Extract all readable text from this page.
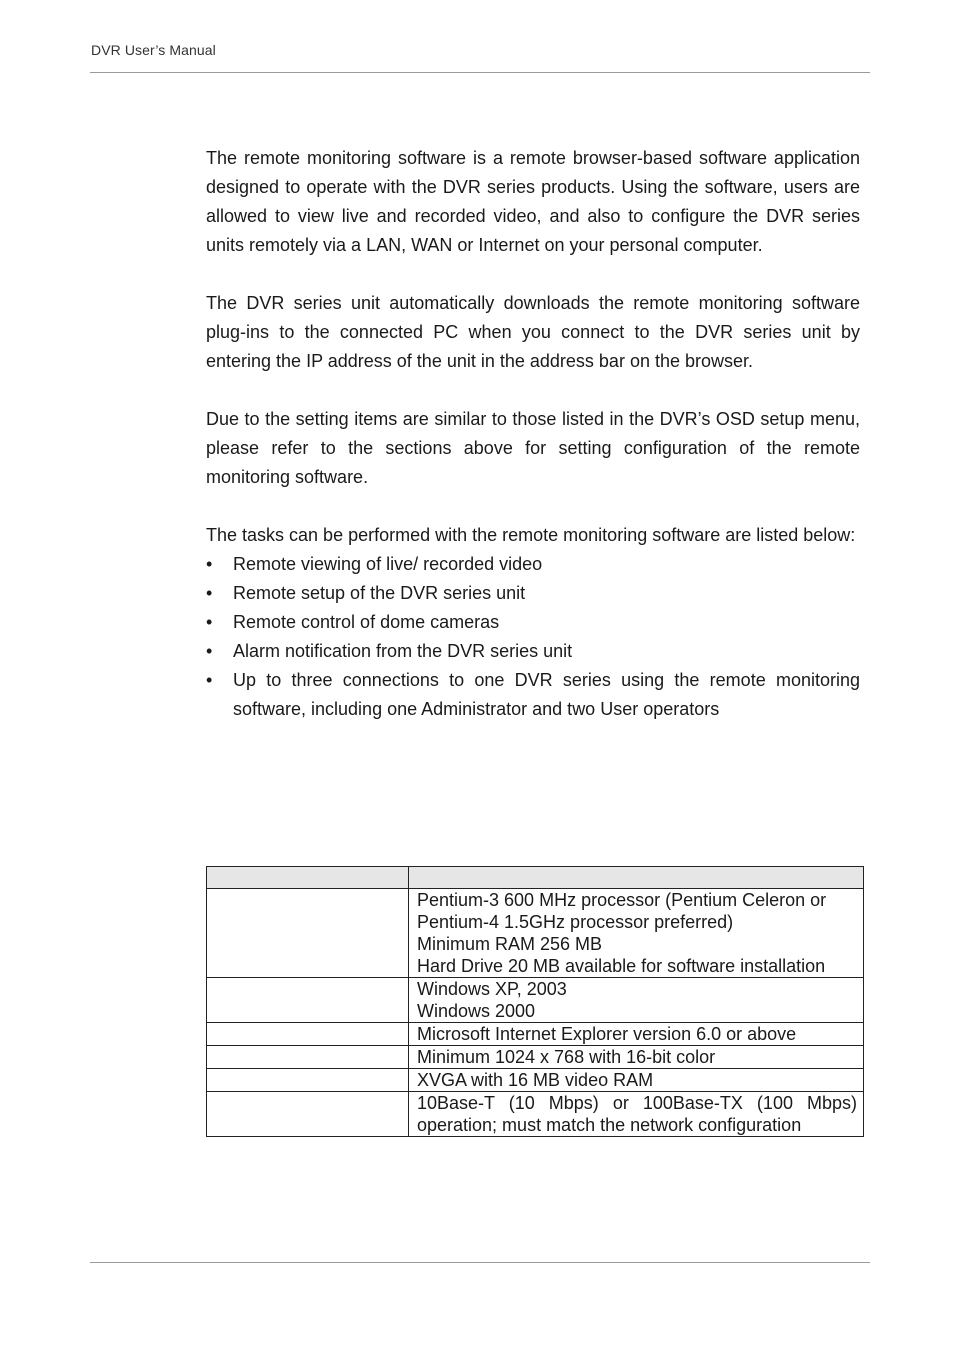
DVR User’s Manual

The remote monitoring software is a remote browser-based software application designed to operate with the DVR series products. Using the software, users are allowed to view live and recorded video, and also to configure the DVR series units remotely via a LAN, WAN or Internet on your personal computer.

The DVR series unit automatically downloads the remote monitoring software plug-ins to the connected PC when you connect to the DVR series unit by entering the IP address of the unit in the address bar on the browser.

Due to the setting items are similar to those listed in the DVR’s OSD setup menu, please refer to the sections above for setting configuration of the remote monitoring software.

The tasks can be performed with the remote monitoring software are listed below:

• Remote viewing of live/ recorded video
• Remote setup of the DVR series unit
• Remote control of dome cameras
• Alarm notification from the DVR series unit
• Up to three connections to one DVR series using the remote monitoring software, including one Administrator and two User operators

	Pentium-3 600 MHz processor (Pentium Celeron or
Pentium-4 1.5GHz processor preferred)
Minimum RAM 256 MB
Hard Drive 20 MB available for software installation

	Windows XP, 2003
Windows 2000

	Microsoft Internet Explorer version 6.0 or above

	Minimum 1024 x 768 with 16-bit color

	XVGA with 16 MB video RAM

	10Base-T (10 Mbps) or 100Base-TX (100 Mbps) operation; must match the network configuration
